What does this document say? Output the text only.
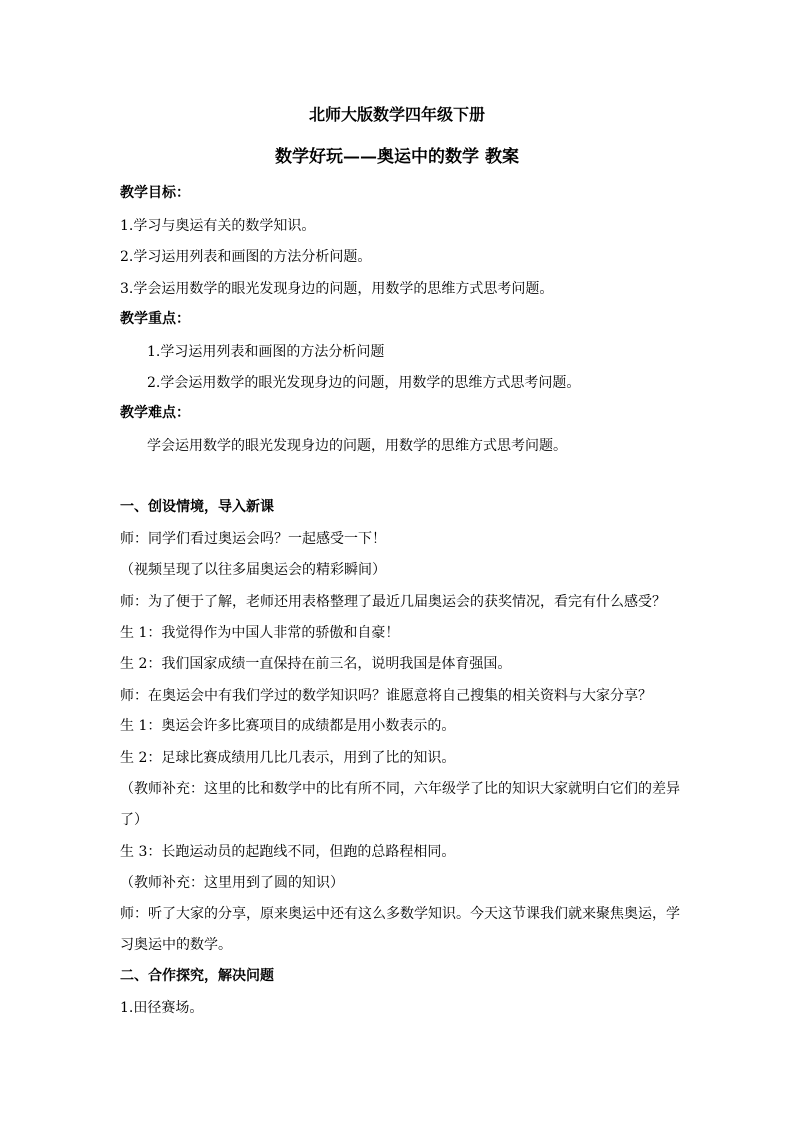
北师大版数学四年级下册
数学好玩——奥运中的数学 教案
教学目标：
1.学习与奥运有关的数学知识。
2.学习运用列表和画图的方法分析问题。
3.学会运用数学的眼光发现身边的问题，用数学的思维方式思考问题。
教学重点：
1.学习运用列表和画图的方法分析问题
2.学会运用数学的眼光发现身边的问题，用数学的思维方式思考问题。
教学难点：
学会运用数学的眼光发现身边的问题，用数学的思维方式思考问题。
一、创设情境，导入新课
师：同学们看过奥运会吗？一起感受一下！
（视频呈现了以往多届奥运会的精彩瞬间）
师：为了便于了解，老师还用表格整理了最近几届奥运会的获奖情况，看完有什么感受？
生 1：我觉得作为中国人非常的骄傲和自豪！
生 2：我们国家成绩一直保持在前三名，说明我国是体育强国。
师：在奥运会中有我们学过的数学知识吗？谁愿意将自己搜集的相关资料与大家分享？
生 1：奥运会许多比赛项目的成绩都是用小数表示的。
生 2：足球比赛成绩用几比几表示，用到了比的知识。
（教师补充：这里的比和数学中的比有所不同，六年级学了比的知识大家就明白它们的差异
了）
生 3：长跑运动员的起跑线不同，但跑的总路程相同。
（教师补充：这里用到了圆的知识）
师：听了大家的分享，原来奥运中还有这么多数学知识。今天这节课我们就来聚焦奥运，学
习奥运中的数学。
二、合作探究，解决问题
1.田径赛场。
